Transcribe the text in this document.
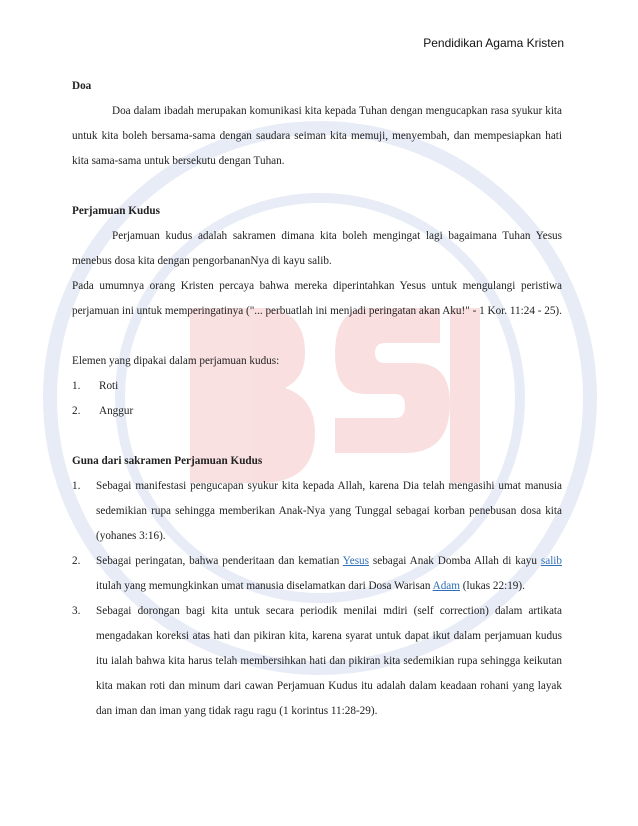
Pendidikan Agama Kristen

Doa

Doa dalam ibadah merupakan komunikasi kita kepada Tuhan dengan mengucapkan rasa syukur kita untuk kita boleh bersama-sama dengan saudara seiman kita memuji, menyembah, dan mempesiapkan hati kita sama-sama untuk bersekutu dengan Tuhan.

Perjamuan Kudus

Perjamuan kudus adalah sakramen dimana kita boleh mengingat lagi bagaimana Tuhan Yesus menebus dosa kita dengan pengorbananNya di kayu salib.

Pada umumnya orang Kristen percaya bahwa mereka diperintahkan Yesus untuk mengulangi peristiwa perjamuan ini untuk memperingatinya ("... perbuatlah ini menjadi peringatan akan Aku!" - 1 Kor. 11:24 - 25).

Elemen yang dipakai dalam perjamuan kudus:

1.	Roti
2.	Anggur

Guna dari sakramen Perjamuan Kudus

1.	Sebagai manifestasi pengucapan syukur kita kepada Allah, karena Dia telah mengasihi umat manusia sedemikian rupa sehingga memberikan Anak-Nya yang Tunggal sebagai korban penebusan dosa kita (yohanes 3:16).
2.	Sebagai peringatan, bahwa penderitaan dan kematian Yesus sebagai Anak Domba Allah di kayu salib itulah yang memungkinkan umat manusia diselamatkan dari Dosa Warisan Adam (lukas 22:19).
3.	Sebagai dorongan bagi kita untuk secara periodik menilai mdiri (self correction) dalam artikata mengadakan koreksi atas hati dan pikiran kita, karena syarat untuk dapat ikut dalam perjamuan kudus itu ialah bahwa kita harus telah membersihkan hati dan pikiran kita sedemikian rupa sehingga keikutan kita makan roti dan minum dari cawan Perjamuan Kudus itu adalah dalam keadaan rohani yang layak dan iman dan iman yang tidak ragu ragu (1 korintus 11:28-29).
